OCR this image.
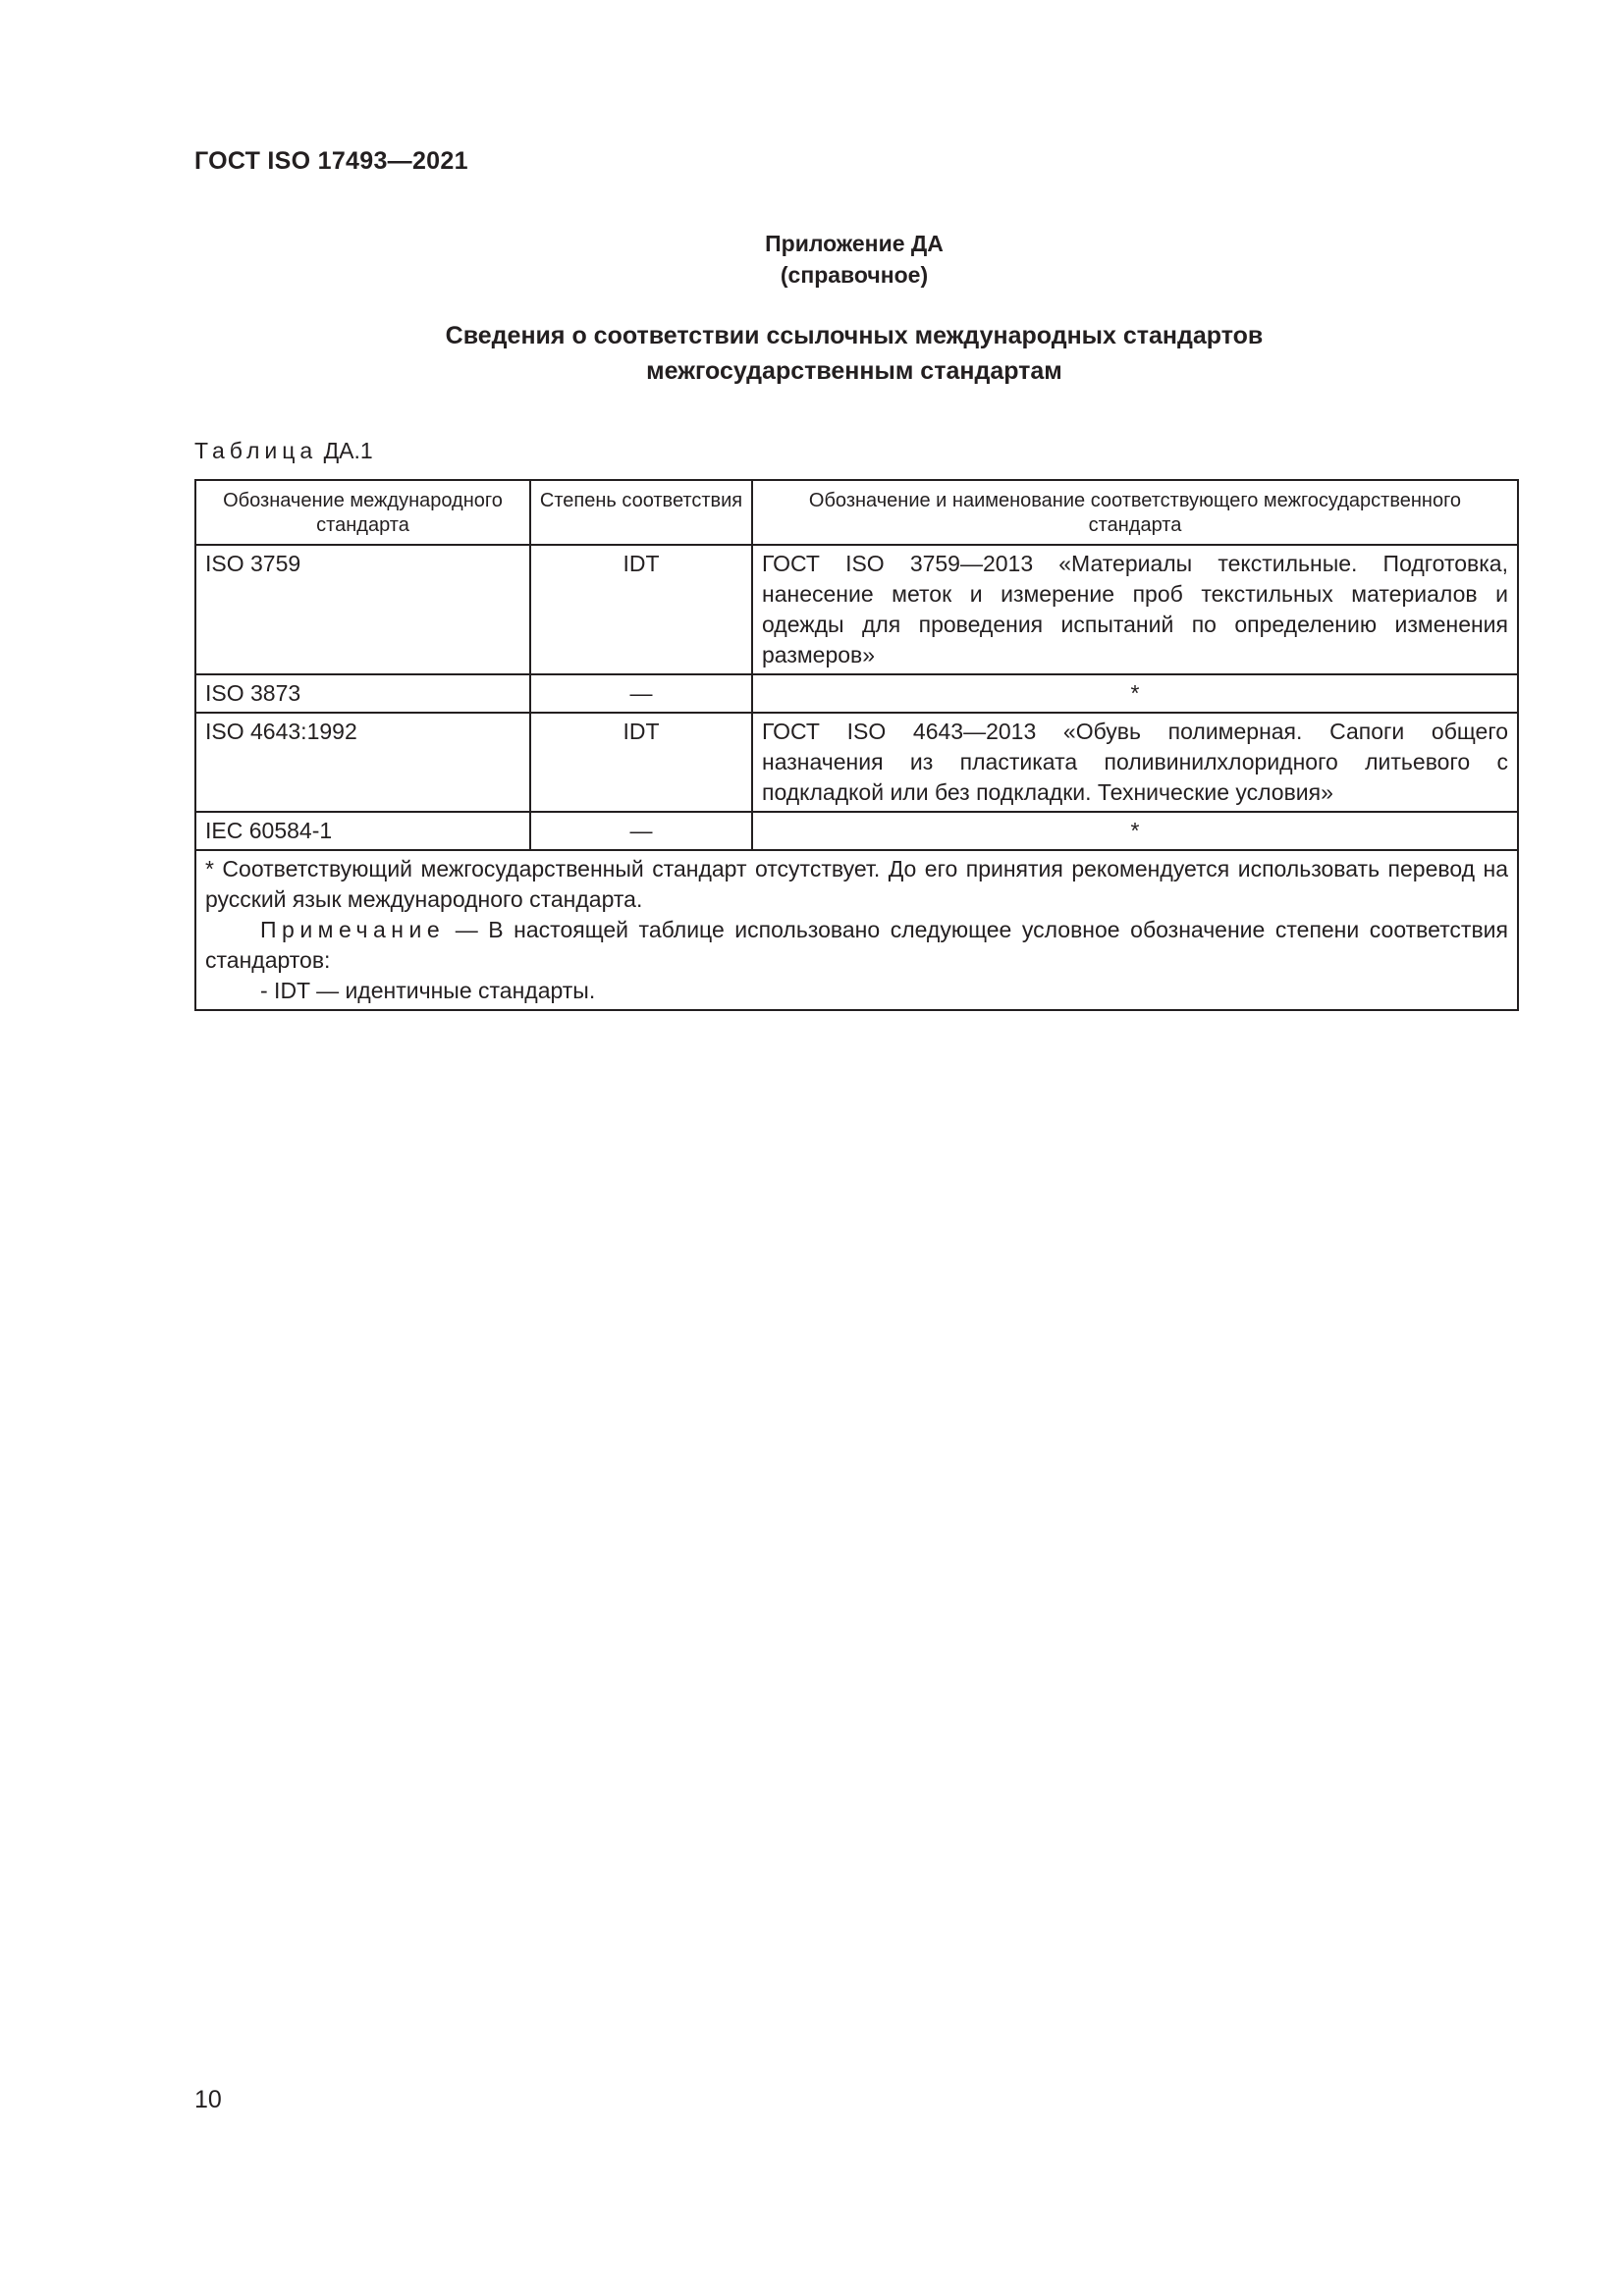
ГОСТ ISO 17493—2021
Приложение ДА
(справочное)
Сведения о соответствии ссылочных международных стандартов
межгосударственным стандартам
Таблица ДА.1
Обозначение международного стандарта	Степень соответствия	Обозначение и наименование соответствующего межгосударственного стандарта
ISO 3759	IDT	ГОСТ ISO 3759—2013 «Материалы текстильные. Подготовка, нанесение меток и измерение проб текстильных материалов и одежды для проведения испытаний по определению изменения размеров»
ISO 3873	—	*
ISO 4643:1992	IDT	ГОСТ ISO 4643—2013 «Обувь полимерная. Сапоги общего назначения из пластиката поливинилхлоридного литьевого с подкладкой или без подкладки. Технические условия»
IEC 60584-1	—	*

* Соответствующий межгосударственный стандарт отсутствует. До его принятия рекомендуется использовать перевод на русский язык международного стандарта.
Примечание — В настоящей таблице использовано следующее условное обозначение степени соответствия стандартов:
- IDT — идентичные стандарты.		
10
